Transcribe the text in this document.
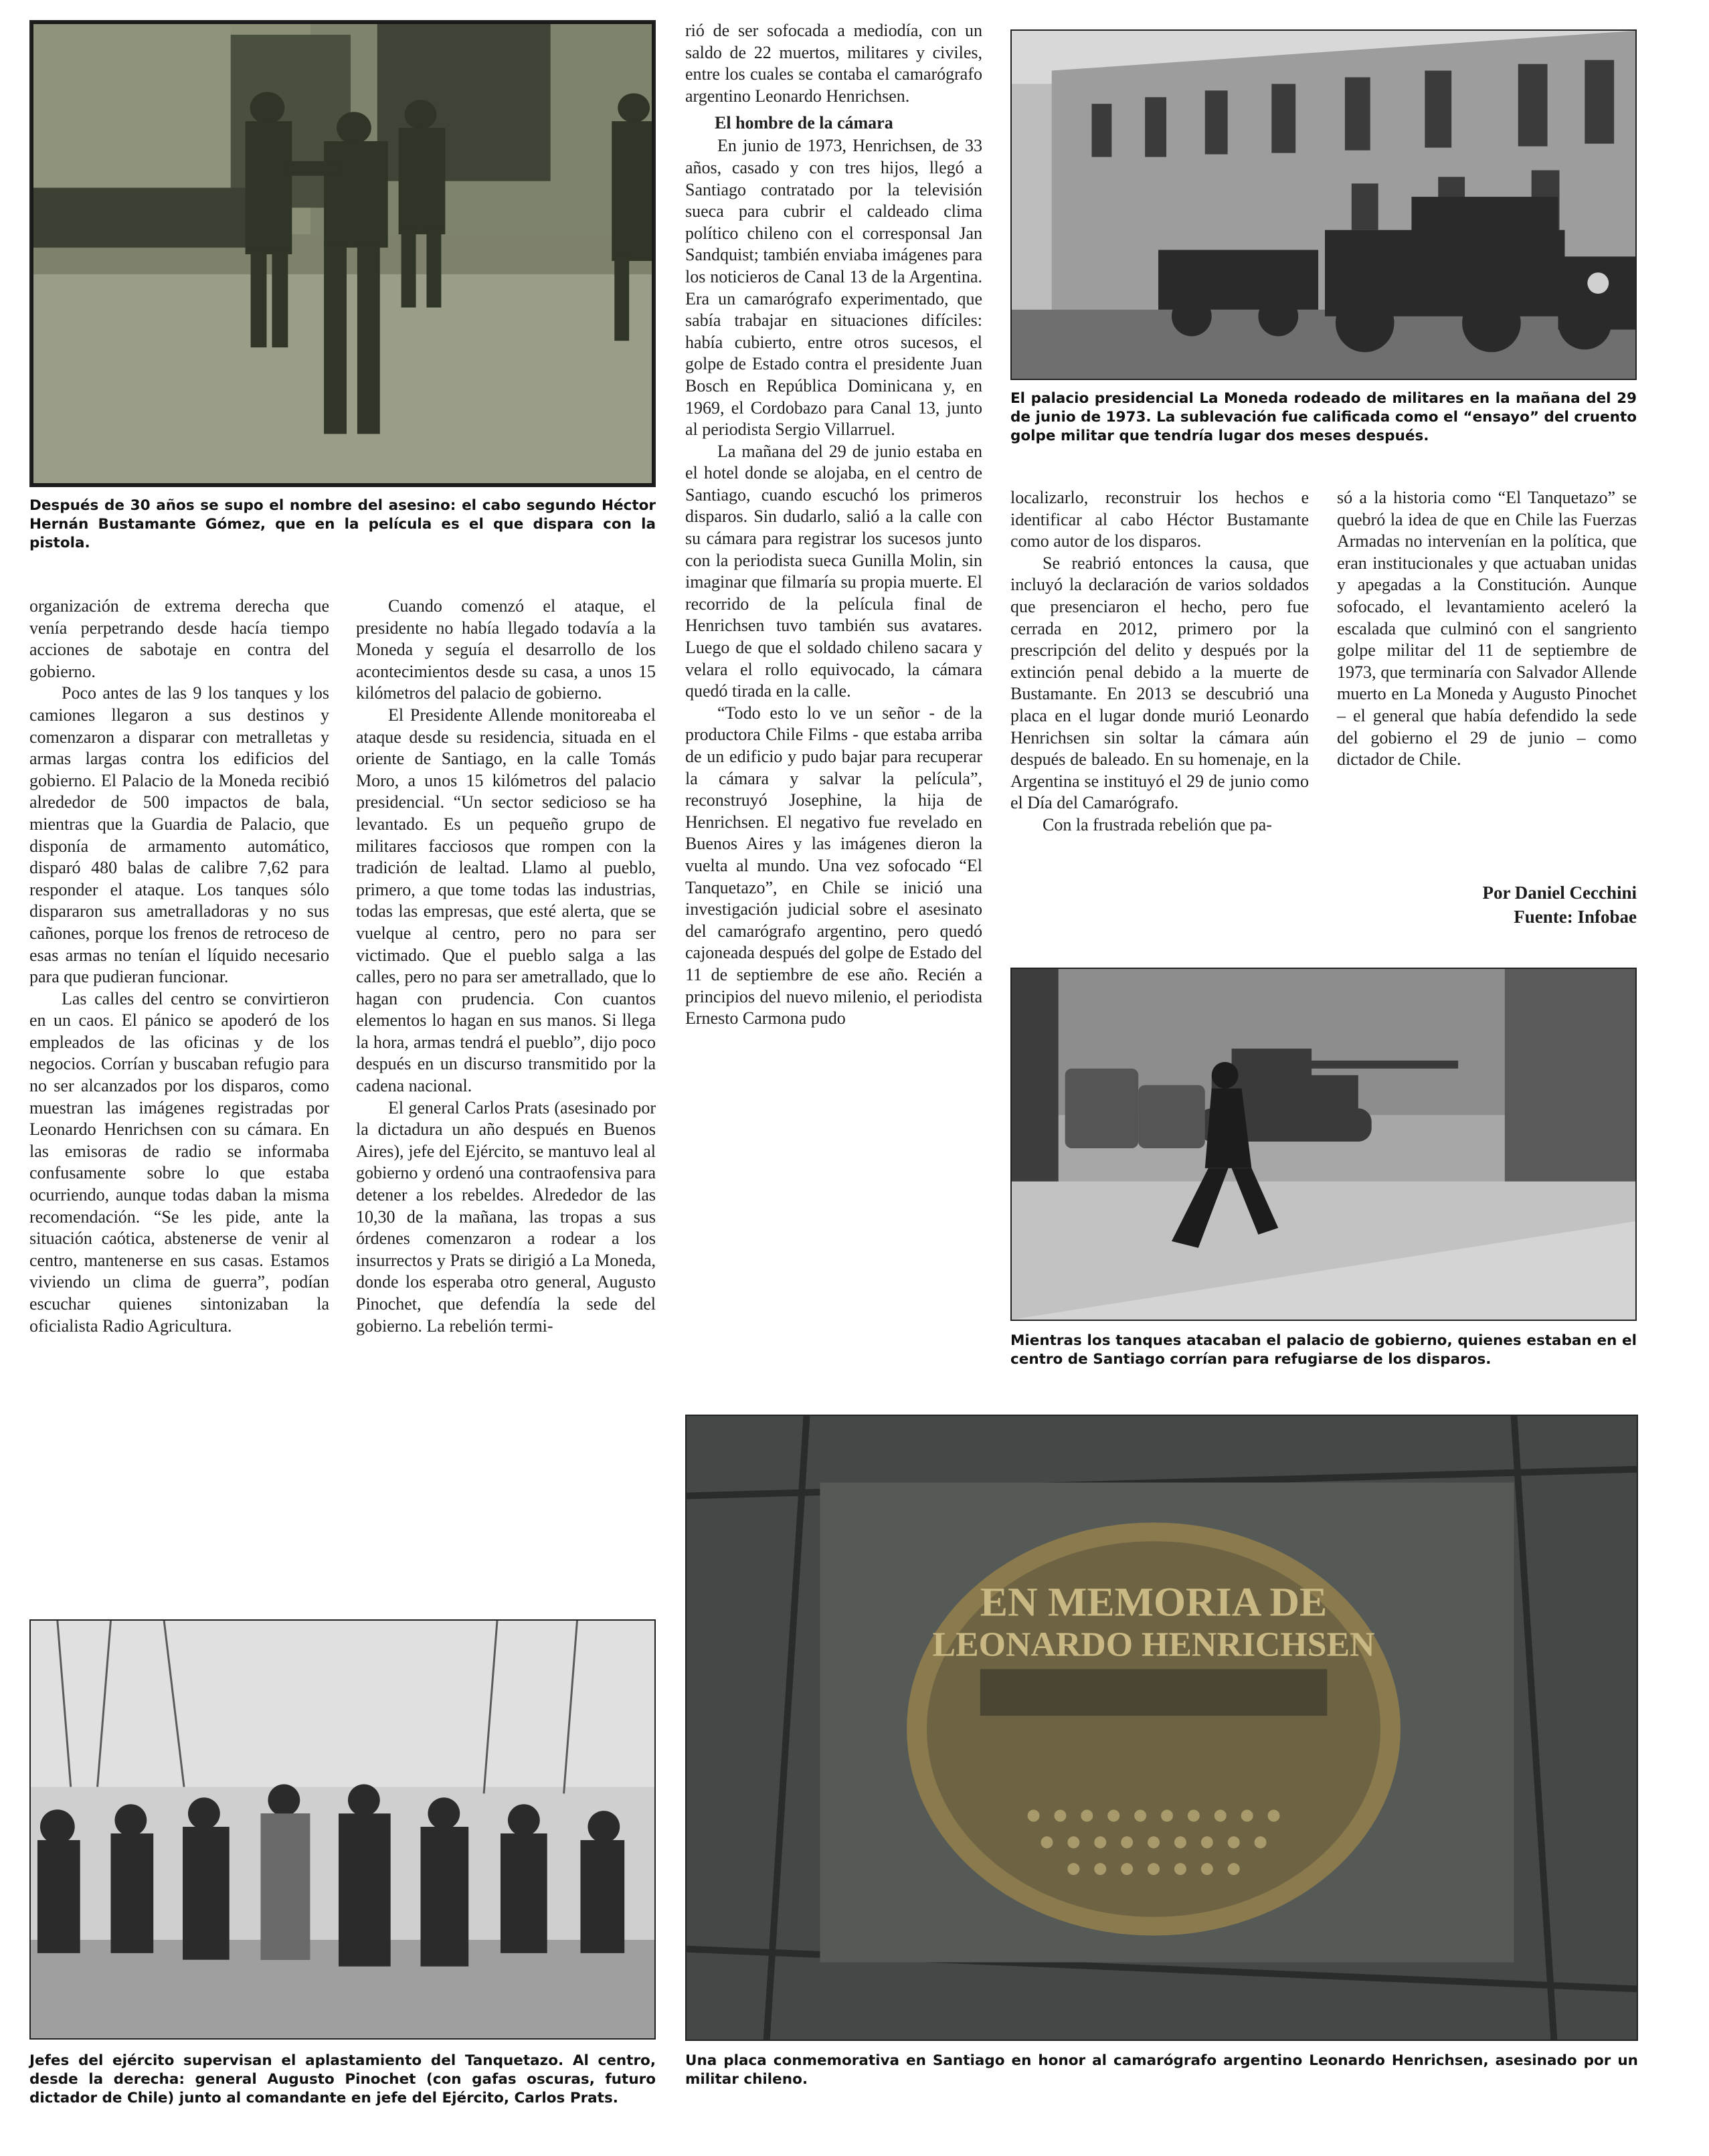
Después de 30 años se supo el nombre del asesino: el cabo segundo Héctor Hernán Bustamante Gómez, que en la película es el que dispara con la pistola.
El palacio presidencial La Moneda rodeado de militares en la mañana del 29 de junio de 1973. La sublevación fue calificada como el “ensayo” del cruento golpe militar que tendría lugar dos meses después.
Mientras los tanques atacaban el palacio de gobierno, quienes estaban en el centro de Santiago corrían para refugiarse de los disparos.
Jefes del ejército supervisan el aplastamiento del Tanquetazo. Al centro, desde la derecha: general Augusto Pinochet (con gafas oscuras, futuro dictador de Chile) junto al comandante en jefe del Ejército, Carlos Prats.
EN MEMORIA DE
LEONARDO HENRICHSEN
Una placa conmemorativa en Santiago en honor al camarógrafo argentino Leonardo Henrichsen, asesinado por un militar chileno.

rió de ser sofocada a mediodía, con un saldo de 22 muertos, militares y civiles, entre los cuales se contaba el camarógrafo argentino Leonardo Henrichsen.

El hombre de la cámara

En junio de 1973, Henrichsen, de 33 años, casado y con tres hijos, llegó a Santiago contratado por la televisión sueca para cubrir el caldeado clima político chileno con el corresponsal Jan Sandquist; también enviaba imágenes para los noticieros de Canal 13 de la Argentina. Era un camarógrafo experimentado, que sabía trabajar en situaciones difíciles: había cubierto, entre otros sucesos, el golpe de Estado contra el presidente Juan Bosch en República Dominicana y, en 1969, el Cordobazo para Canal 13, junto al periodista Sergio Villarruel.

La mañana del 29 de junio estaba en el hotel donde se alojaba, en el centro de Santiago, cuando escuchó los primeros disparos. Sin dudarlo, salió a la calle con su cámara para registrar los sucesos junto con la periodista sueca Gunilla Molin, sin imaginar que filmaría su propia muerte. El recorrido de la película final de Henrichsen tuvo también sus avatares. Luego de que el soldado chileno sacara y velara el rollo equivocado, la cámara quedó tirada en la calle.

“Todo esto lo ve un señor - de la productora Chile Films - que estaba arriba de un edificio y pudo bajar para recuperar la cámara y salvar la película”, reconstruyó Josephine, la hija de Henrichsen. El negativo fue revelado en Buenos Aires y las imágenes dieron la vuelta al mundo. Una vez sofocado “El Tanquetazo”, en Chile se inició una investigación judicial sobre el asesinato del camarógrafo argentino, pero quedó cajoneada después del golpe de Estado del 11 de septiembre de ese año. Recién a principios del nuevo milenio, el periodista Ernesto Carmona pudo

organización de extrema derecha que venía perpetrando desde hacía tiempo acciones de sabotaje en contra del gobierno.

Poco antes de las 9 los tanques y los camiones llegaron a sus destinos y comenzaron a disparar con metralletas y armas largas contra los edificios del gobierno. El Palacio de la Moneda recibió alrededor de 500 impactos de bala, mientras que la Guardia de Palacio, que disponía de armamento automático, disparó 480 balas de calibre 7,62 para responder el ataque. Los tanques sólo dispararon sus ametralladoras y no sus cañones, porque los frenos de retroceso de esas armas no tenían el líquido necesario para que pudieran funcionar.

Las calles del centro se convirtieron en un caos. El pánico se apoderó de los empleados de las oficinas y de los negocios. Corrían y buscaban refugio para no ser alcanzados por los disparos, como muestran las imágenes registradas por Leonardo Henrichsen con su cámara. En las emisoras de radio se informaba confusamente sobre lo que estaba ocurriendo, aunque todas daban la misma recomendación. “Se les pide, ante la situación caótica, abstenerse de venir al centro, mantenerse en sus casas. Estamos viviendo un clima de guerra”, podían escuchar quienes sintonizaban la oficialista Radio Agricultura.

Cuando comenzó el ataque, el presidente no había llegado todavía a la Moneda y seguía el desarrollo de los acontecimientos desde su casa, a unos 15 kilómetros del palacio de gobierno.

El Presidente Allende monitoreaba el ataque desde su residencia, situada en el oriente de Santiago, en la calle Tomás Moro, a unos 15 kilómetros del palacio presidencial. “Un sector sedicioso se ha levantado. Es un pequeño grupo de militares facciosos que rompen con la tradición de lealtad. Llamo al pueblo, primero, a que tome todas las industrias, todas las empresas, que esté alerta, que se vuelque al centro, pero no para ser victimado. Que el pueblo salga a las calles, pero no para ser ametrallado, que lo hagan con prudencia. Con cuantos elementos lo hagan en sus manos. Si llega la hora, armas tendrá el pueblo”, dijo poco después en un discurso transmitido por la cadena nacional.

El general Carlos Prats (asesinado por la dictadura un año después en Buenos Aires), jefe del Ejército, se mantuvo leal al gobierno y ordenó una contraofensiva para detener a los rebeldes. Alrededor de las 10,30 de la mañana, las tropas a sus órdenes comenzaron a rodear a los insurrectos y Prats se dirigió a La Moneda, donde los esperaba otro general, Augusto Pinochet, que defendía la sede del gobierno. La rebelión termi-

localizarlo, reconstruir los hechos e identificar al cabo Héctor Bustamante como autor de los disparos.

Se reabrió entonces la causa, que incluyó la declaración de varios soldados que presenciaron el hecho, pero fue cerrada en 2012, primero por la prescripción del delito y después por la extinción penal debido a la muerte de Bustamante. En 2013 se descubrió una placa en el lugar donde murió Leonardo Henrichsen sin soltar la cámara aún después de baleado. En su homenaje, en la Argentina se instituyó el 29 de junio como el Día del Camarógrafo.

Con la frustrada rebelión que pa-

só a la historia como “El Tanquetazo” se quebró la idea de que en Chile las Fuerzas Armadas no intervenían en la política, que eran institucionales y que actuaban unidas y apegadas a la Constitución. Aunque sofocado, el levantamiento aceleró la escalada que culminó con el sangriento golpe militar del 11 de septiembre de 1973, que terminaría con Salvador Allende muerto en La Moneda y Augusto Pinochet – el general que había defendido la sede del gobierno el 29 de junio – como dictador de Chile.

Por Daniel Cecchini
Fuente: Infobae
